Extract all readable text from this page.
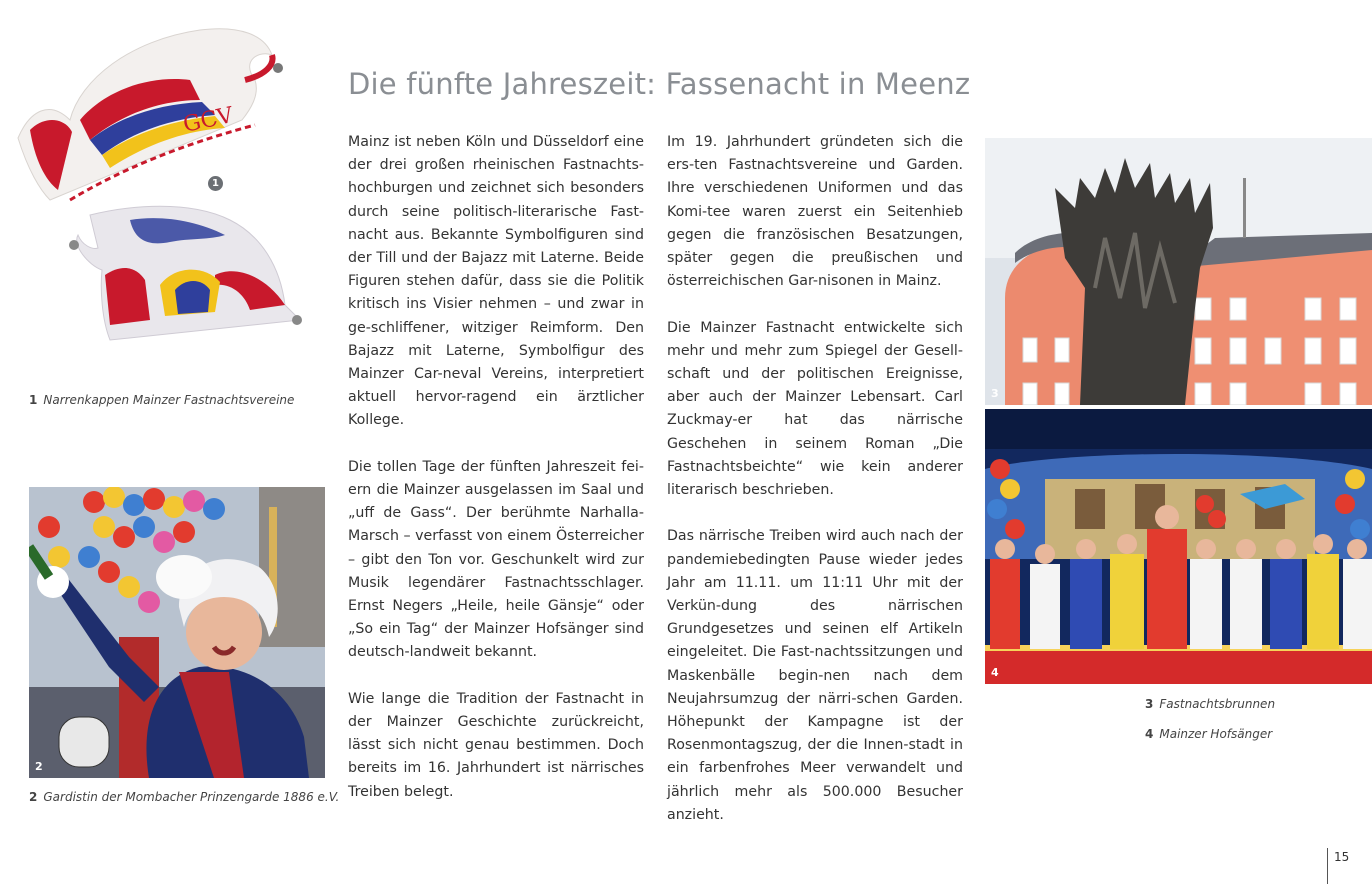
Die fünfte Jahreszeit: Fassenacht in Meenz

Mainz ist neben Köln und Düsseldorf eine der drei großen rheinischen Fastnachts-hochburgen und zeichnet sich besonders durch seine politisch-literarische Fast-nacht aus. Bekannte Symbolfiguren sind der Till und der Bajazz mit Laterne. Beide Figuren stehen dafür, dass sie die Politik kritisch ins Visier nehmen – und zwar in ge-schliffener, witziger Reimform. Den Bajazz mit Laterne, Symbolfigur des Mainzer Car-neval Vereins, interpretiert aktuell hervor-ragend ein ärztlicher Kollege.

Die tollen Tage der fünften Jahreszeit fei-ern die Mainzer ausgelassen im Saal und „uff de Gass“. Der berühmte Narhalla-Marsch – verfasst von einem Österreicher – gibt den Ton vor. Geschunkelt wird zur Musik legendärer Fastnachtsschlager. Ernst Negers „Heile, heile Gänsje“ oder „So ein Tag“ der Mainzer Hofsänger sind deutsch-landweit bekannt.

Wie lange die Tradition der Fastnacht in der Mainzer Geschichte zurückreicht, lässt sich nicht genau bestimmen. Doch bereits im 16. Jahrhundert ist närrisches Treiben belegt.

Im 19. Jahrhundert gründeten sich die ers-ten Fastnachtsvereine und Garden. Ihre verschiedenen Uniformen und das Komi-tee waren zuerst ein Seitenhieb gegen die französischen Besatzungen, später gegen die preußischen und österreichischen Gar-nisonen in Mainz.

Die Mainzer Fastnacht entwickelte sich mehr und mehr zum Spiegel der Gesell-schaft und der politischen Ereignisse, aber auch der Mainzer Lebensart. Carl Zuckmay-er hat das närrische Geschehen in seinem Roman „Die Fastnachtsbeichte“ wie kein anderer literarisch beschrieben.

Das närrische Treiben wird auch nach der pandemiebedingten Pause wieder jedes Jahr am 11.11. um 11:11 Uhr mit der Verkün-dung des närrischen Grundgesetzes und seinen elf Artikeln eingeleitet. Die Fast-nachtssitzungen und Maskenbälle begin-nen nach dem Neujahrsumzug der närri-schen Garden. Höhepunkt der Kampagne ist der Rosenmontagszug, der die Innen-stadt in ein farbenfrohes Meer verwandelt und jährlich mehr als 500.000 Besucher anzieht.

GCV
1
1 Narrenkappen Mainzer Fastnachtsvereine
2
2 Gardistin der Mombacher Prinzengarde 1886 e.V.
3
4
3 Fastnachtsbrunnen
4 Mainzer Hofsänger
15
